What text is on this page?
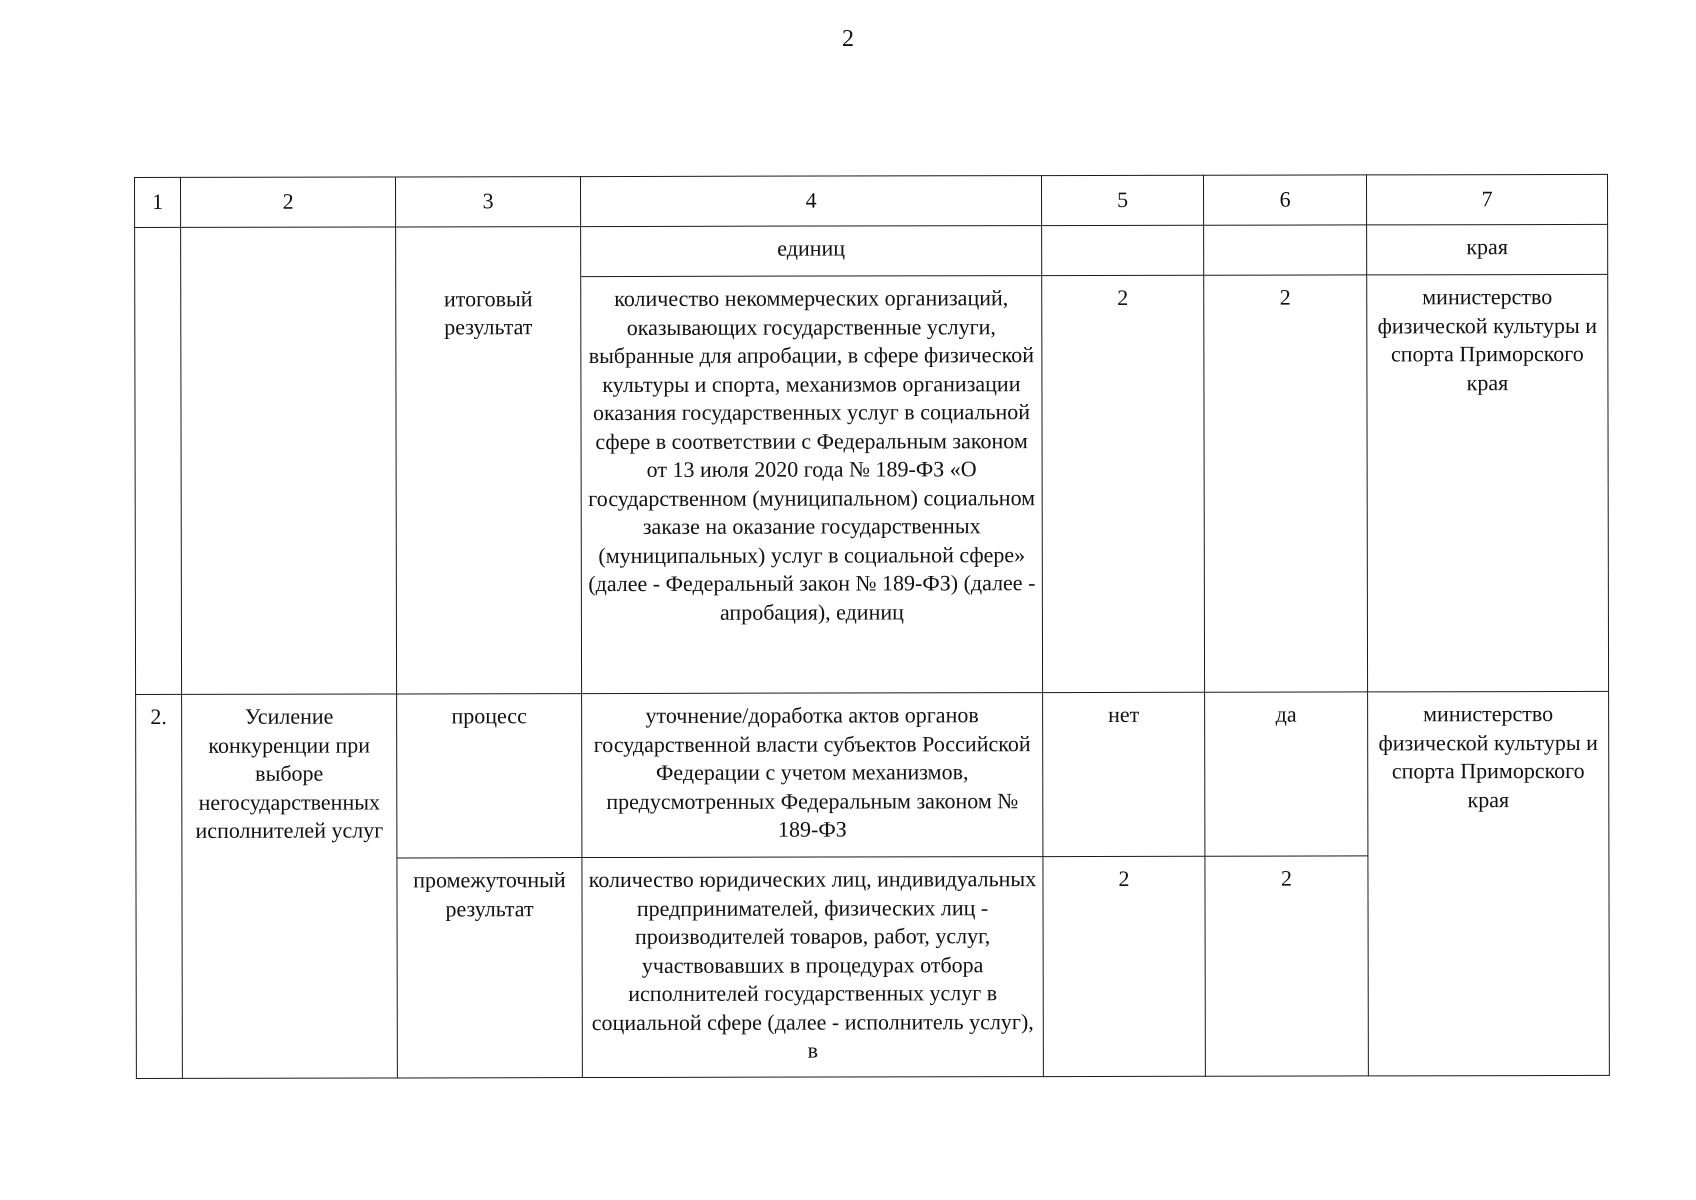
2
1	2	3	4	5	6	7
			единиц			края
		итоговый результат	количество некоммерческих организаций, оказывающих государственные услуги, выбранные для апробации, в сфере физической культуры и спорта, механизмов организации оказания государственных услуг в социальной сфере в соответствии с Федеральным законом от 13 июля 2020 года № 189-ФЗ «О государственном (муниципальном) социальном заказе на оказание государственных (муниципальных) услуг в социальной сфере» (далее - Федеральный закон № 189-ФЗ) (далее - апробация), единиц	2	2	министерство физической культуры и спорта Приморского края
2.	Усиление конкуренции при выборе негосударственных исполнителей услуг	процесс	уточнение/доработка актов органов государственной власти субъектов Российской Федерации с учетом механизмов, предусмотренных Федеральным законом № 189-ФЗ	нет	да	министерство физической культуры и спорта Приморского края
		промежуточный результат	количество юридических лиц, индивидуальных предпринимателей, физических лиц - производителей товаров, работ, услуг, участвовавших в процедурах отбора исполнителей государственных услуг в социальной сфере (далее - исполнитель услуг), в	2	2	
